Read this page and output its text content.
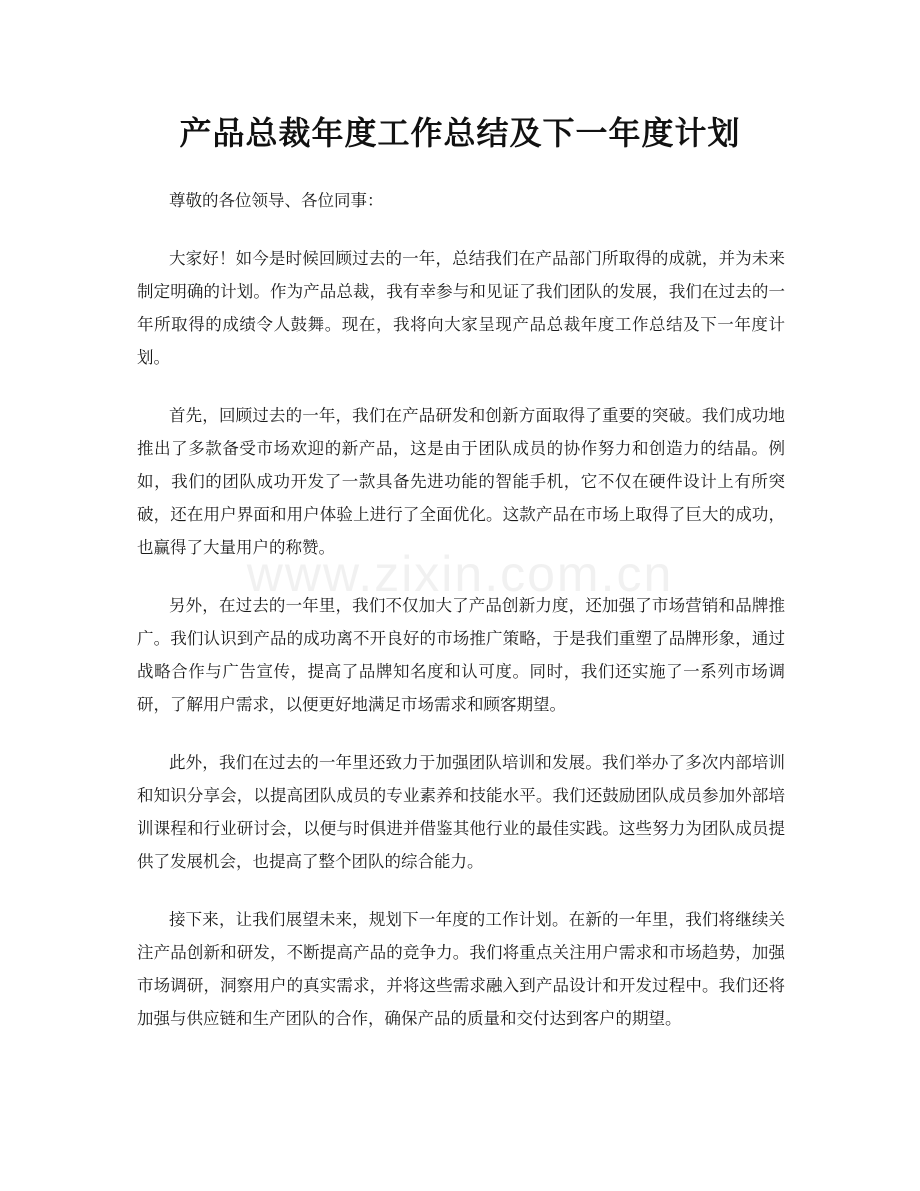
产品总裁年度工作总结及下一年度计划
www.zixin.com.cn

尊敬的各位领导、各位同事：

大家好！如今是时候回顾过去的一年，总结我们在产品部门所取得的成就，并为未来制定明确的计划。作为产品总裁，我有幸参与和见证了我们团队的发展，我们在过去的一年所取得的成绩令人鼓舞。现在，我将向大家呈现产品总裁年度工作总结及下一年度计划。

首先，回顾过去的一年，我们在产品研发和创新方面取得了重要的突破。我们成功地推出了多款备受市场欢迎的新产品，这是由于团队成员的协作努力和创造力的结晶。例如，我们的团队成功开发了一款具备先进功能的智能手机，它不仅在硬件设计上有所突破，还在用户界面和用户体验上进行了全面优化。这款产品在市场上取得了巨大的成功，也赢得了大量用户的称赞。

另外，在过去的一年里，我们不仅加大了产品创新力度，还加强了市场营销和品牌推广。我们认识到产品的成功离不开良好的市场推广策略，于是我们重塑了品牌形象，通过战略合作与广告宣传，提高了品牌知名度和认可度。同时，我们还实施了一系列市场调研，了解用户需求，以便更好地满足市场需求和顾客期望。

此外，我们在过去的一年里还致力于加强团队培训和发展。我们举办了多次内部培训和知识分享会，以提高团队成员的专业素养和技能水平。我们还鼓励团队成员参加外部培训课程和行业研讨会，以便与时俱进并借鉴其他行业的最佳实践。这些努力为团队成员提供了发展机会，也提高了整个团队的综合能力。

接下来，让我们展望未来，规划下一年度的工作计划。在新的一年里，我们将继续关注产品创新和研发，不断提高产品的竞争力。我们将重点关注用户需求和市场趋势，加强市场调研，洞察用户的真实需求，并将这些需求融入到产品设计和开发过程中。我们还将加强与供应链和生产团队的合作，确保产品的质量和交付达到客户的期望。
